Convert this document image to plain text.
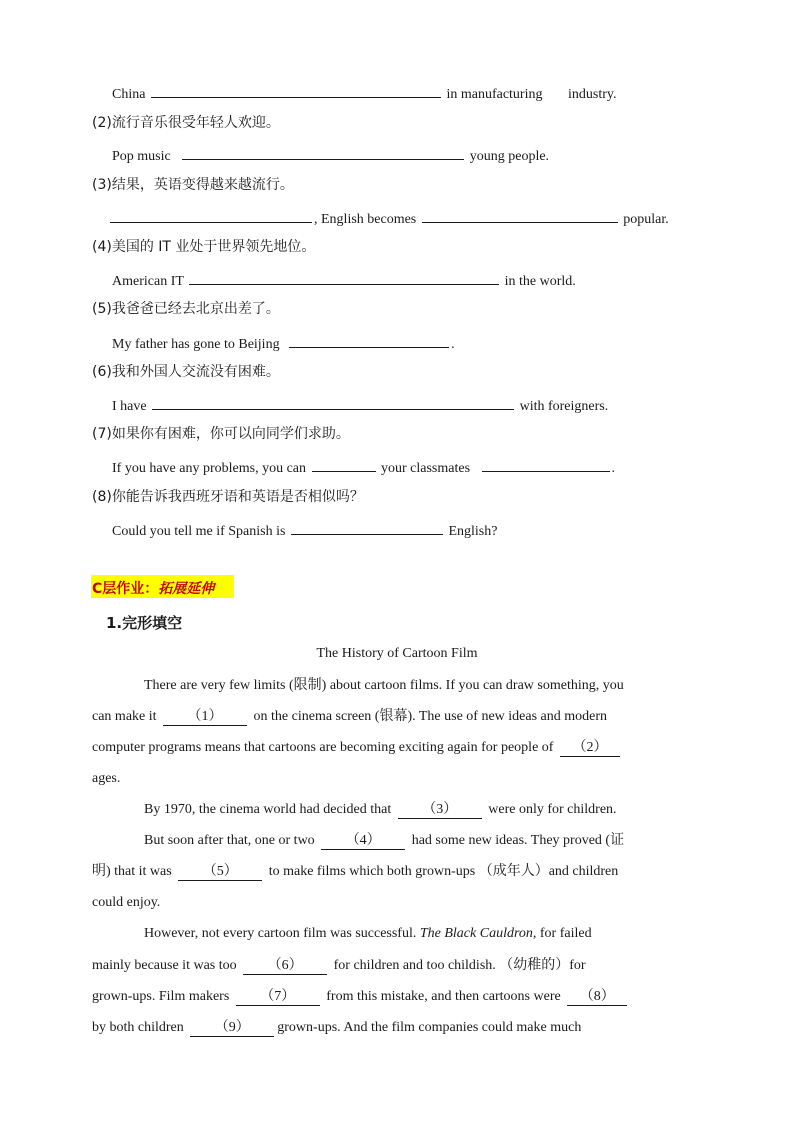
China	in manufacturing industry.
(2)流行音乐很受年轻人欢迎。
Pop music	young people.
(3)结果，英语变得越来越流行。
, English becomes	popular.
(4)美国的 IT 业处于世界领先地位。
American IT	in the world.
(5)我爸爸已经去北京出差了。
My father has gone to Beijing	.
(6)我和外国人交流没有困难。
I have	with foreigners.
(7)如果你有困难，你可以向同学们求助。
If you have any problems, you can	your classmates	.
(8)你能告诉我西班牙语和英语是否相似吗？
Could you tell me if Spanish is	English?
C层作业：拓展延伸
1.完形填空
The History of Cartoon Film
There are very few limits (限制) about cartoon films. If you can draw something, you
can make it （1） on the cinema screen (银幕). The use of new ideas and modern
computer programs means that cartoons are becoming exciting again for people of （2）
ages.
By 1970, the cinema world had decided that （3） were only for children.
But soon after that, one or two （4） had some new ideas. They proved (证
明) that it was （5） to make films which both grown-ups （成年人）and children
could enjoy.
However, not every cartoon film was successful. The Black Cauldron, for failed
mainly because it was too （6） for children and too childish. （幼稚的）for
grown-ups. Film makers （7） from this mistake, and then cartoons were （8）
by both children （9） grown-ups. And the film companies could make much
